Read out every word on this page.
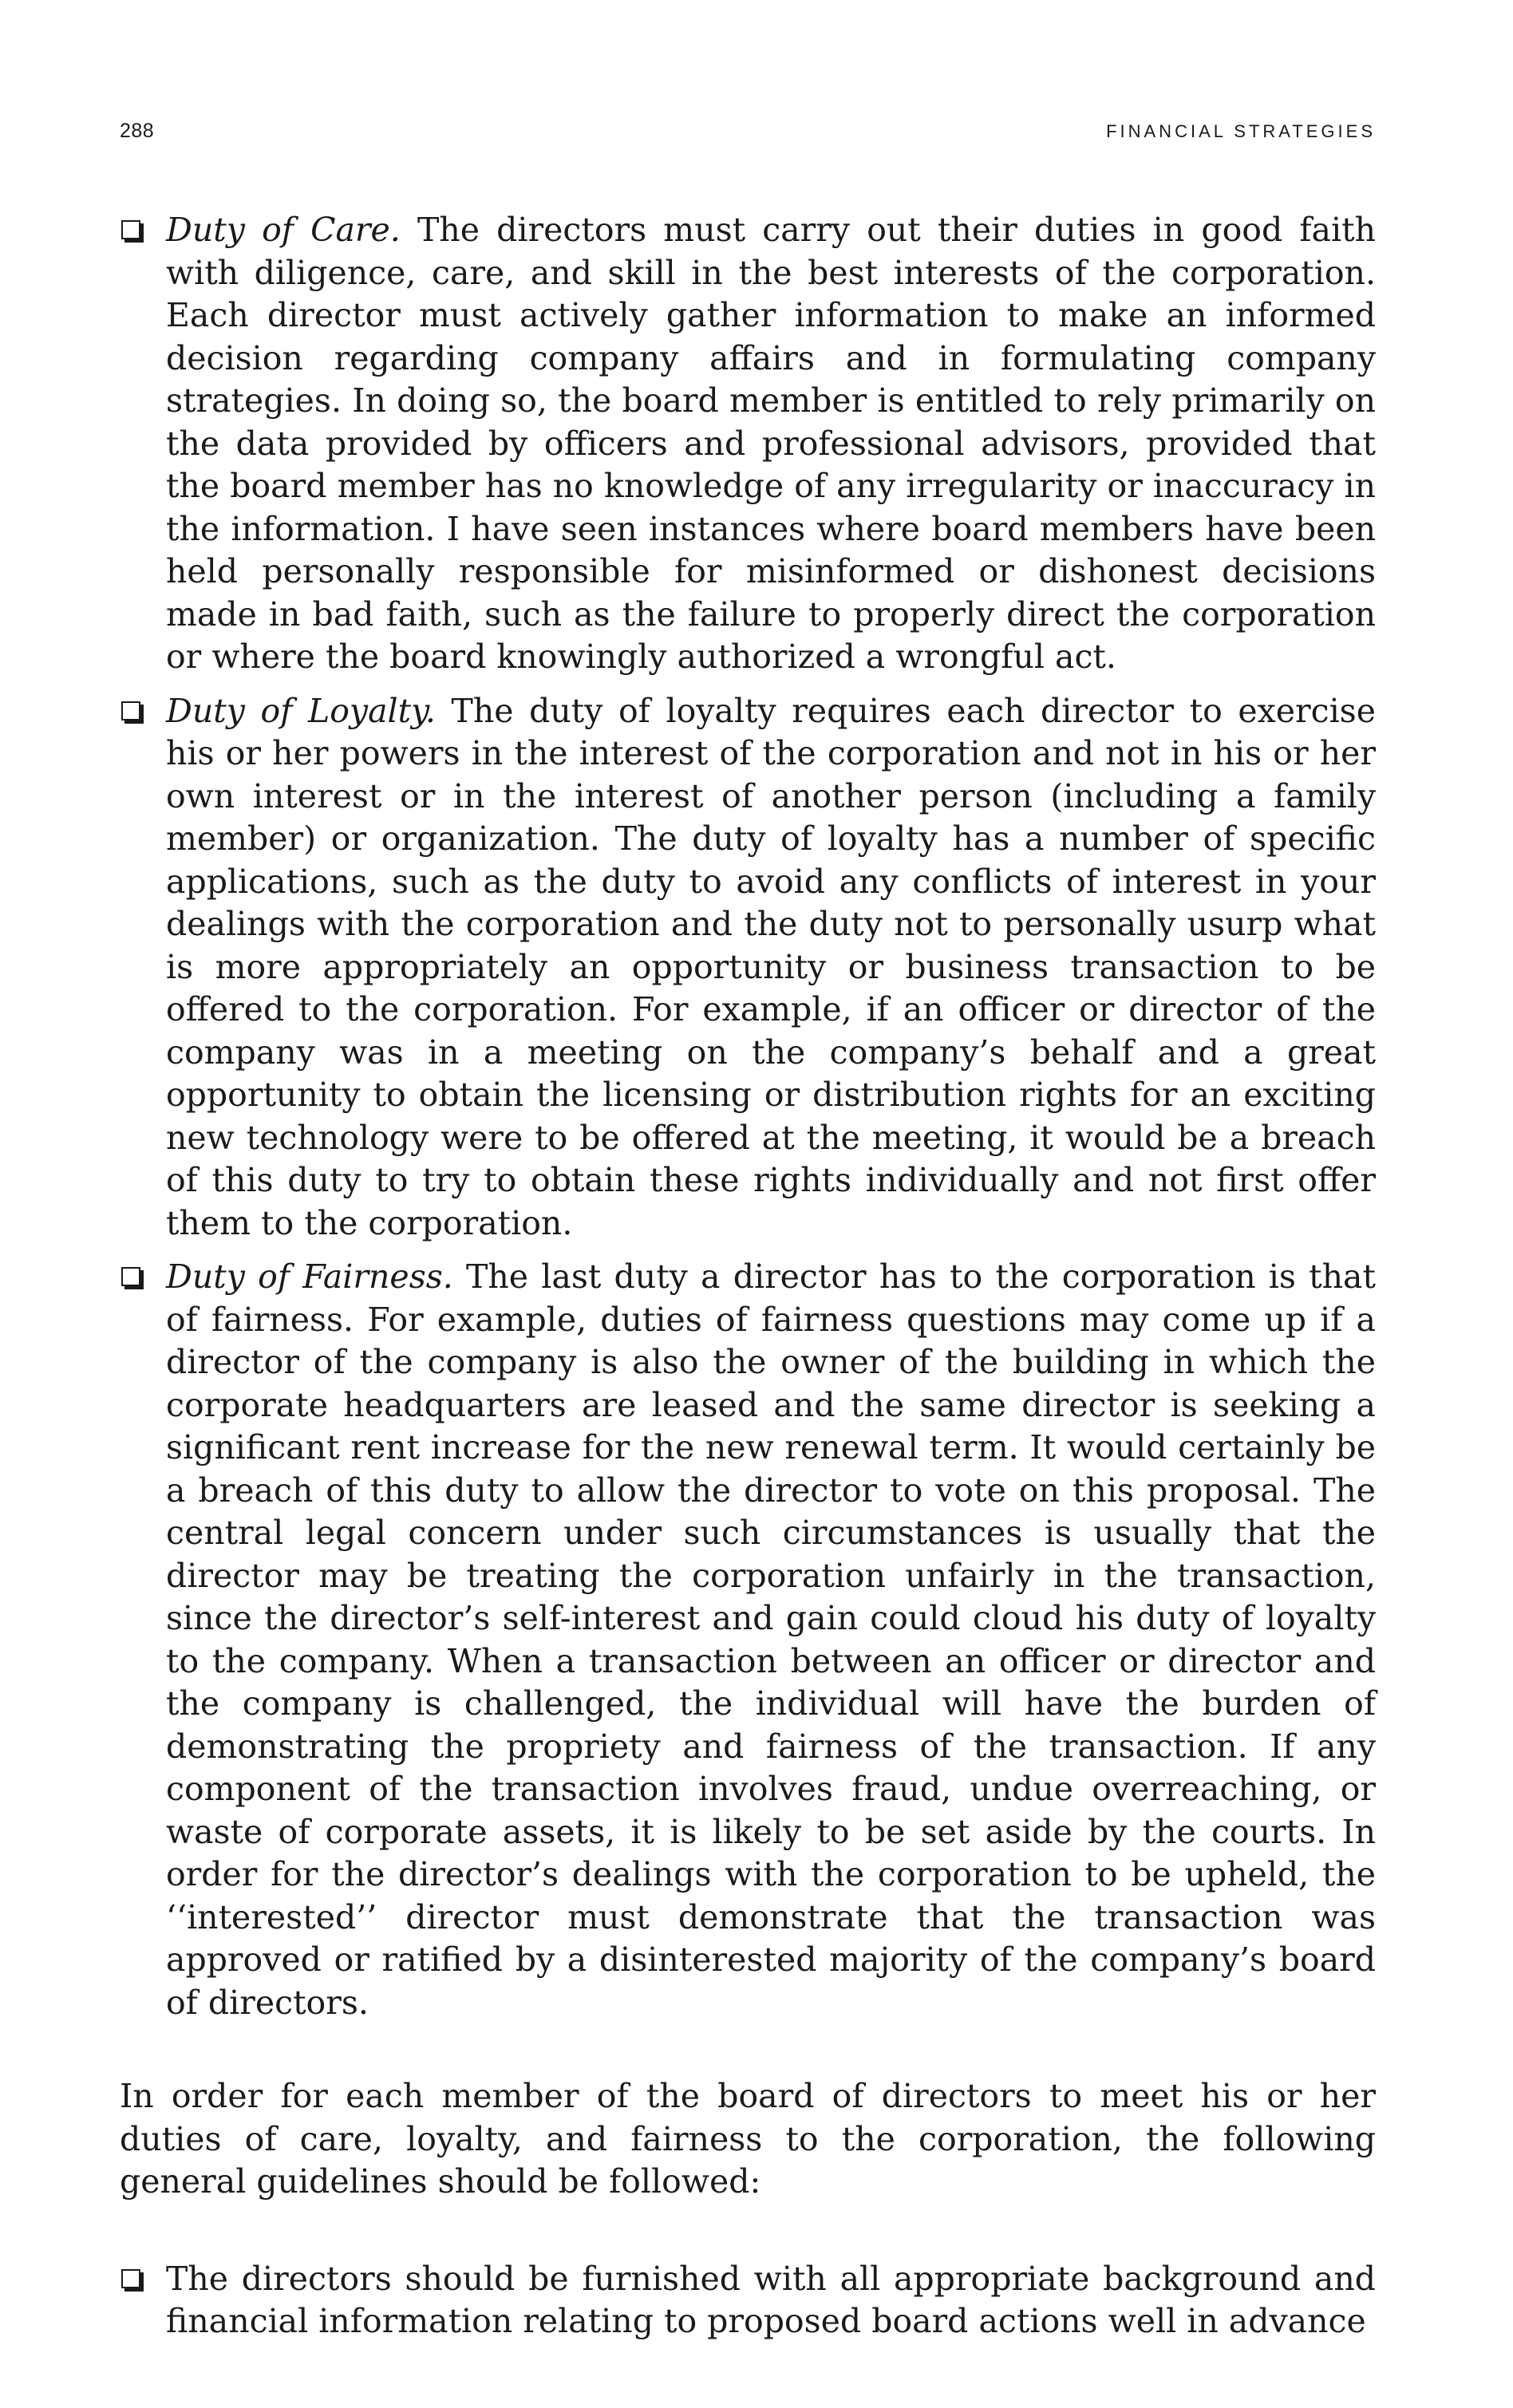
288	FINANCIAL STRATEGIES
Duty of Care. The directors must carry out their duties in good faith with diligence, care, and skill in the best interests of the corporation. Each director must actively gather information to make an informed decision regarding company affairs and in formulating company strategies. In doing so, the board member is entitled to rely primarily on the data provided by officers and professional advisors, provided that the board member has no knowledge of any irregularity or inaccuracy in the information. I have seen instances where board members have been held personally responsible for misinformed or dishonest decisions made in bad faith, such as the failure to properly direct the corporation or where the board knowingly authorized a wrongful act.
Duty of Loyalty. The duty of loyalty requires each director to exercise his or her powers in the interest of the corporation and not in his or her own interest or in the interest of another person (including a family member) or organization. The duty of loyalty has a number of specific applications, such as the duty to avoid any conflicts of interest in your dealings with the corporation and the duty not to personally usurp what is more appropriately an opportunity or business transaction to be offered to the corporation. For example, if an officer or director of the company was in a meeting on the company’s behalf and a great opportunity to obtain the licensing or distribution rights for an exciting new technology were to be offered at the meeting, it would be a breach of this duty to try to obtain these rights individually and not first offer them to the corporation.
Duty of Fairness. The last duty a director has to the corporation is that of fairness. For example, duties of fairness questions may come up if a director of the company is also the owner of the building in which the corporate headquarters are leased and the same director is seeking a significant rent increase for the new renewal term. It would certainly be a breach of this duty to allow the director to vote on this proposal. The central legal concern under such circumstances is usually that the director may be treating the corporation unfairly in the transaction, since the director’s self-interest and gain could cloud his duty of loyalty to the company. When a transaction between an officer or director and the company is challenged, the individual will have the burden of demonstrating the propriety and fairness of the transaction. If any component of the transaction involves fraud, undue overreaching, or waste of corporate assets, it is likely to be set aside by the courts. In order for the director’s dealings with the corporation to be upheld, the ‘‘interested’’ director must demonstrate that the transaction was approved or ratified by a disinterested majority of the company’s board of directors.

In order for each member of the board of directors to meet his or her duties of care, loyalty, and fairness to the corporation, the following general guidelines should be followed:

The directors should be furnished with all appropriate background and financial information relating to proposed board actions well in advance
